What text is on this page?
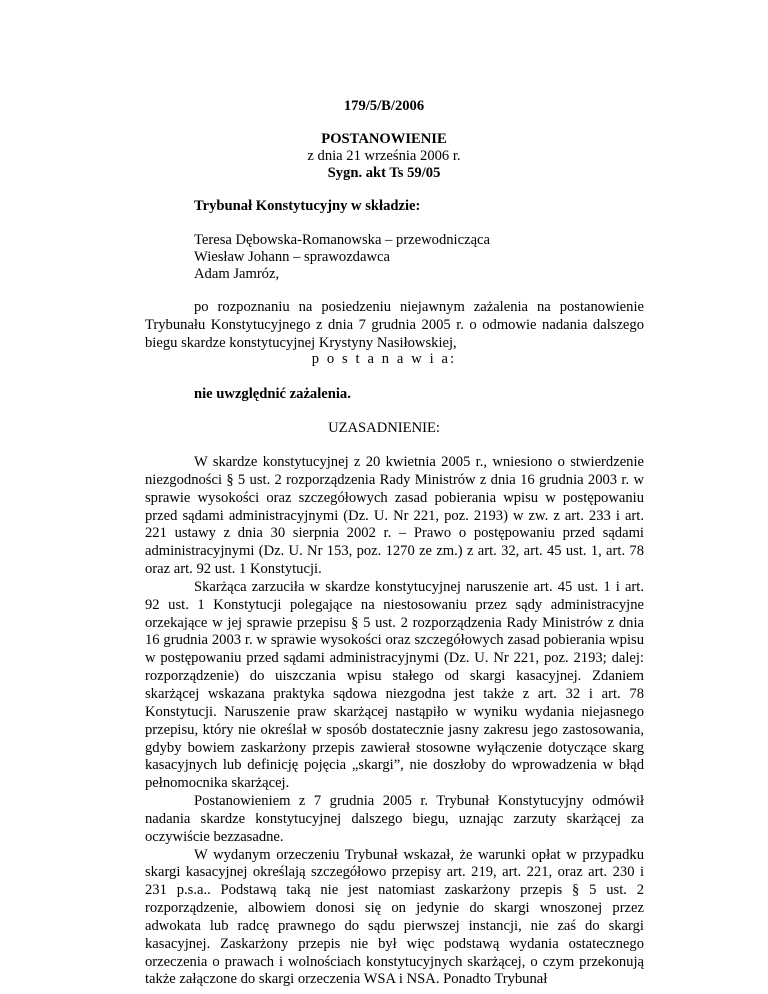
179/5/B/2006
POSTANOWIENIE
z dnia 21 września 2006 r.
Sygn. akt Ts 59/05
Trybunał Konstytucyjny w składzie:
Teresa Dębowska-Romanowska – przewodnicząca
Wiesław Johann – sprawozdawca
Adam Jamróz,

po rozpoznaniu na posiedzeniu niejawnym zażalenia na postanowienie Trybunału Konstytucyjnego z dnia 7 grudnia 2005 r. o odmowie nadania dalszego biegu skardze konstytucyjnej Krystyny Nasiłowskiej,

p o s t a n a w i a:
nie uwzględnić zażalenia.
UZASADNIENIE:

W skardze konstytucyjnej z 20 kwietnia 2005 r., wniesiono o stwierdzenie niezgodności § 5 ust. 2 rozporządzenia Rady Ministrów z dnia 16 grudnia 2003 r. w sprawie wysokości oraz szczegółowych zasad pobierania wpisu w postępowaniu przed sądami administracyjnymi (Dz. U. Nr 221, poz. 2193) w zw. z art. 233 i art. 221 ustawy z dnia 30 sierpnia 2002 r. – Prawo o postępowaniu przed sądami administracyjnymi (Dz. U. Nr 153, poz. 1270 ze zm.) z art. 32, art. 45 ust. 1, art. 78 oraz art. 92 ust. 1 Konstytucji.

Skarżąca zarzuciła w skardze konstytucyjnej naruszenie art. 45 ust. 1 i art. 92 ust. 1 Konstytucji polegające na niestosowaniu przez sądy administracyjne orzekające w jej sprawie przepisu § 5 ust. 2 rozporządzenia Rady Ministrów z dnia 16 grudnia 2003 r. w sprawie wysokości oraz szczegółowych zasad pobierania wpisu w postępowaniu przed sądami administracyjnymi (Dz. U. Nr 221, poz. 2193; dalej: rozporządzenie) do uiszczania wpisu stałego od skargi kasacyjnej. Zdaniem skarżącej wskazana praktyka sądowa niezgodna jest także z art. 32 i art. 78 Konstytucji. Naruszenie praw skarżącej nastąpiło w wyniku wydania niejasnego przepisu, który nie określał w sposób dostatecznie jasny zakresu jego zastosowania, gdyby bowiem zaskarżony przepis zawierał stosowne wyłączenie dotyczące skarg kasacyjnych lub definicję pojęcia „skargi”, nie doszłoby do wprowadzenia w błąd pełnomocnika skarżącej.

Postanowieniem z 7 grudnia 2005 r. Trybunał Konstytucyjny odmówił nadania skardze konstytucyjnej dalszego biegu, uznając zarzuty skarżącej za oczywiście bezzasadne.

W wydanym orzeczeniu Trybunał wskazał, że warunki opłat w przypadku skargi kasacyjnej określają szczegółowo przepisy art. 219, art. 221, oraz art. 230 i 231 p.s.a.. Podstawą taką nie jest natomiast zaskarżony przepis § 5 ust. 2 rozporządzenie, albowiem donosi się on jedynie do skargi wnoszonej przez adwokata lub radcę prawnego do sądu pierwszej instancji, nie zaś do skargi kasacyjnej. Zaskarżony przepis nie był więc podstawą wydania ostatecznego orzeczenia o prawach i wolnościach konstytucyjnych skarżącej, o czym przekonują także załączone do skargi orzeczenia WSA i NSA. Ponadto Trybunał
